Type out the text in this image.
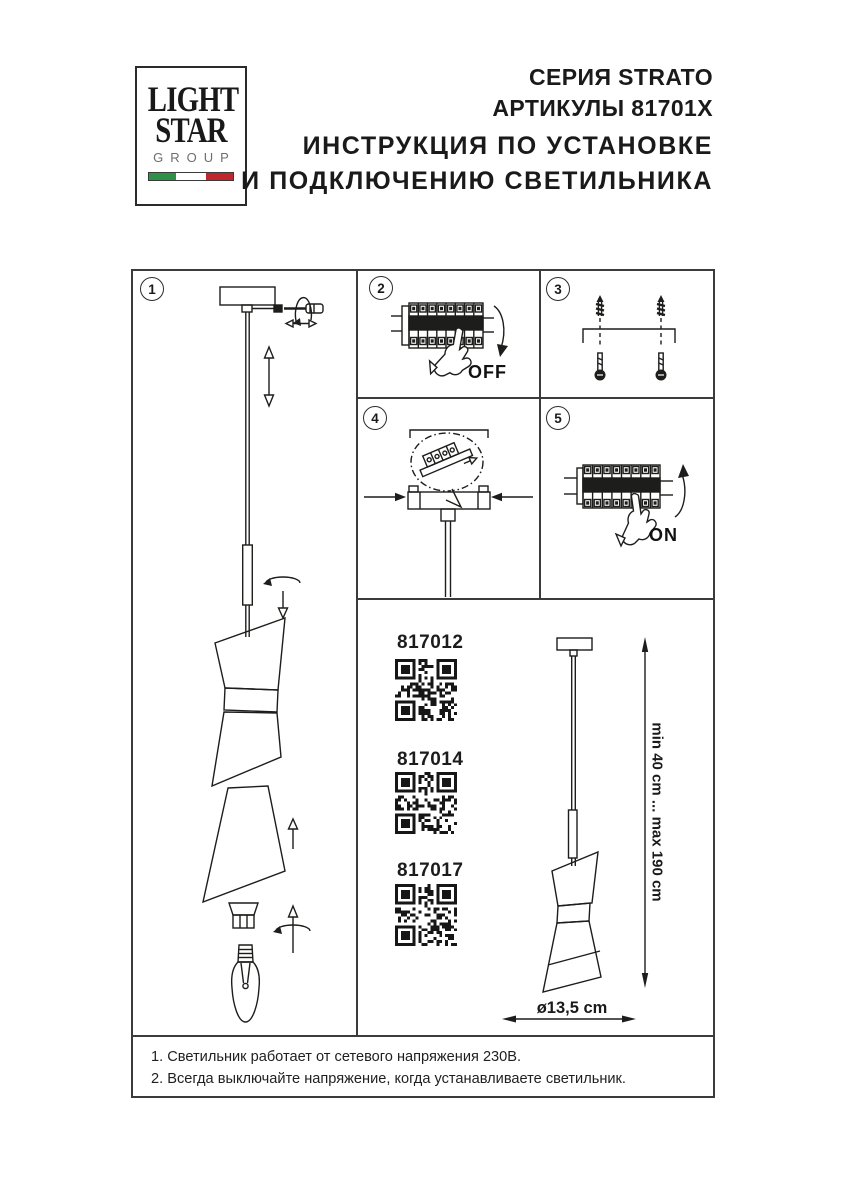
LIGHT
STAR
GROUP
СЕРИЯ STRATO
АРТИКУЛЫ 81701X
ИНСТРУКЦИЯ ПО УСТАНОВКЕ
И ПОДКЛЮЧЕНИЮ СВЕТИЛЬНИКА
1	2	3
4	5
OFF
ON
817012
817014
817017	min 40 cm ... max 190 cm
ø13,5 cm
1. Светильник работает от сетевого напряжения 230В.
2. Всегда выключайте напряжение, когда устанавливаете светильник.
